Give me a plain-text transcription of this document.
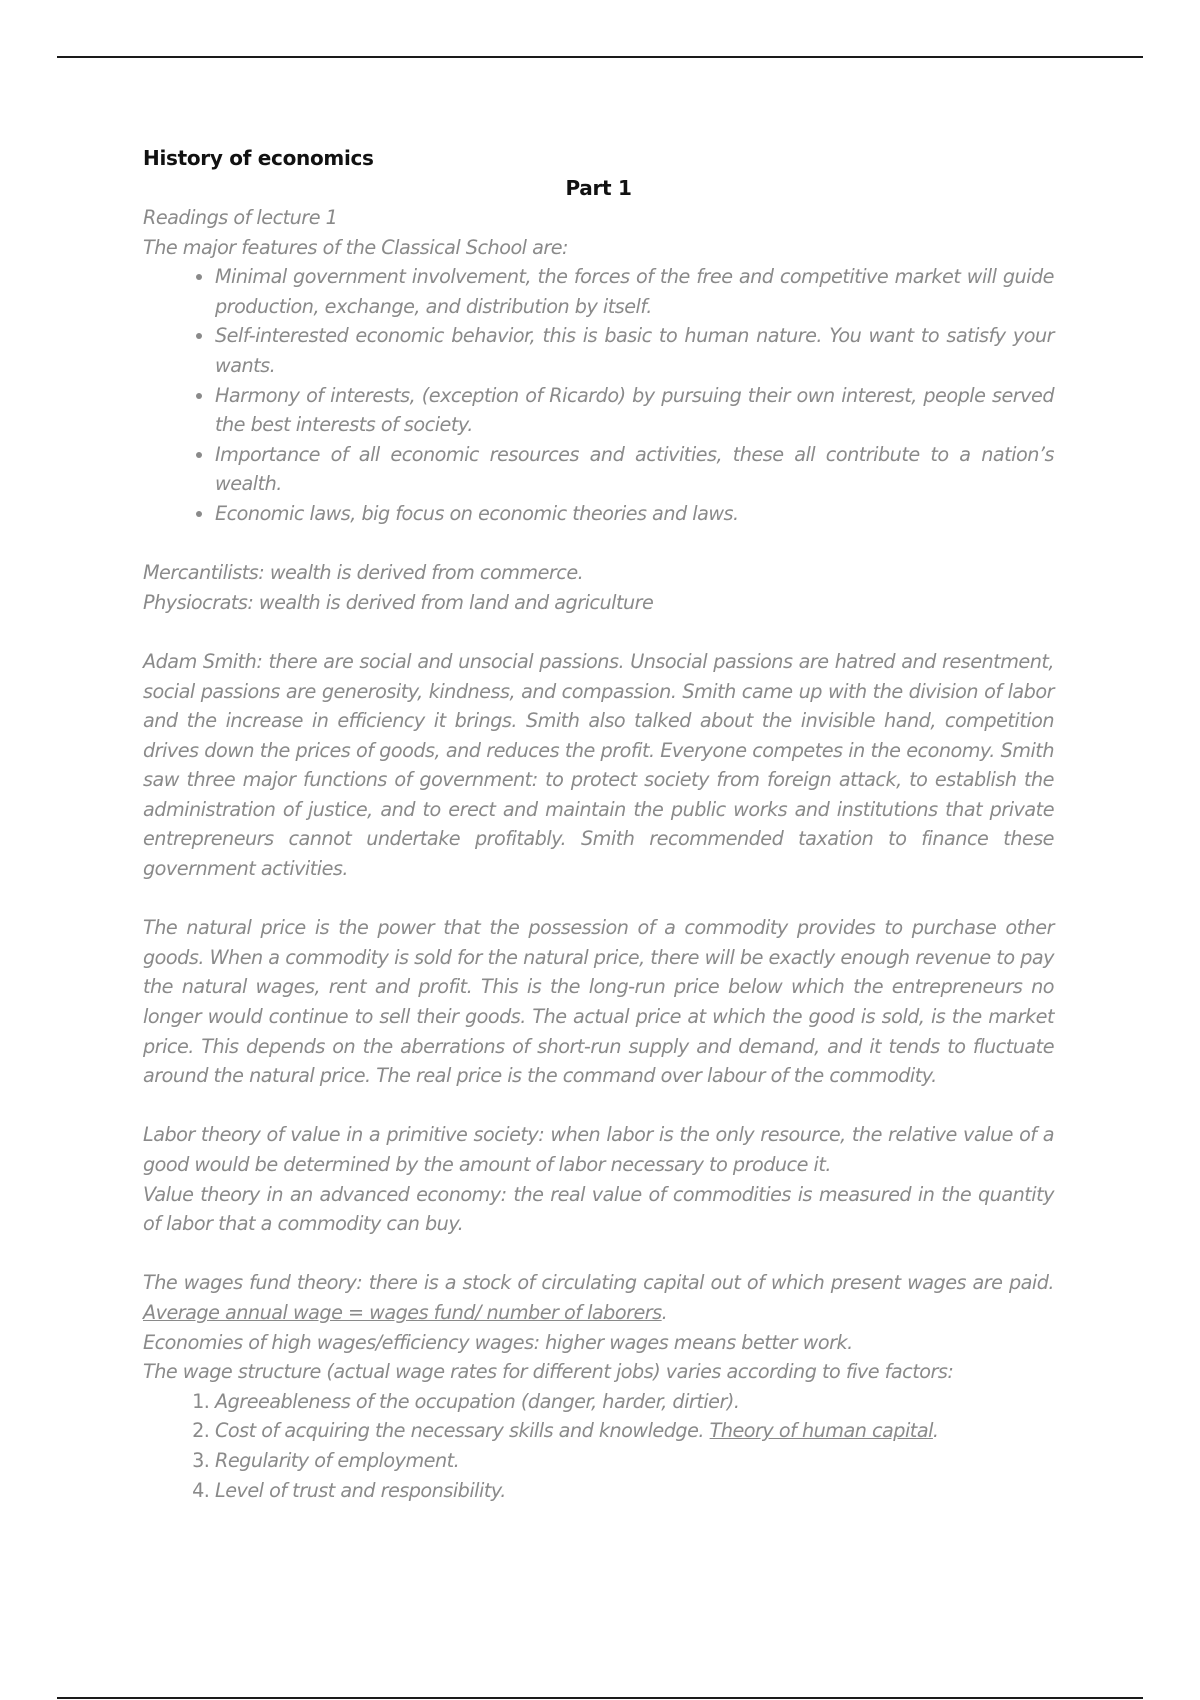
History of economics

Part 1

Readings of lecture 1

The major features of the Classical School are:

• Minimal government involvement, the forces of the free and competitive market will guide production, exchange, and distribution by itself.
• Self-interested economic behavior, this is basic to human nature. You want to satisfy your wants.
• Harmony of interests, (exception of Ricardo) by pursuing their own interest, people served the best interests of society.
• Importance of all economic resources and activities, these all contribute to a nation’s wealth.
• Economic laws, big focus on economic theories and laws.

Mercantilists: wealth is derived from commerce.

Physiocrats: wealth is derived from land and agriculture

Adam Smith: there are social and unsocial passions. Unsocial passions are hatred and resentment, social passions are generosity, kindness, and compassion. Smith came up with the division of labor and the increase in efficiency it brings. Smith also talked about the invisible hand, competition drives down the prices of goods, and reduces the profit. Everyone competes in the economy. Smith saw three major functions of government: to protect society from foreign attack, to establish the administration of justice, and to erect and maintain the public works and institutions that private entrepreneurs cannot undertake profitably. Smith recommended taxation to finance these government activities.

The natural price is the power that the possession of a commodity provides to purchase other goods. When a commodity is sold for the natural price, there will be exactly enough revenue to pay the natural wages, rent and profit. This is the long-run price below which the entrepreneurs no longer would continue to sell their goods. The actual price at which the good is sold, is the market price. This depends on the aberrations of short-run supply and demand, and it tends to fluctuate around the natural price. The real price is the command over labour of the commodity.

Labor theory of value in a primitive society: when labor is the only resource, the relative value of a good would be determined by the amount of labor necessary to produce it.

Value theory in an advanced economy: the real value of commodities is measured in the quantity of labor that a commodity can buy.

The wages fund theory: there is a stock of circulating capital out of which present wages are paid. Average annual wage = wages fund/ number of laborers.

Economies of high wages/efficiency wages: higher wages means better work.

The wage structure (actual wage rates for different jobs) varies according to five factors:

1. Agreeableness of the occupation (danger, harder, dirtier).
2. Cost of acquiring the necessary skills and knowledge. Theory of human capital.
3. Regularity of employment.
4. Level of trust and responsibility.
